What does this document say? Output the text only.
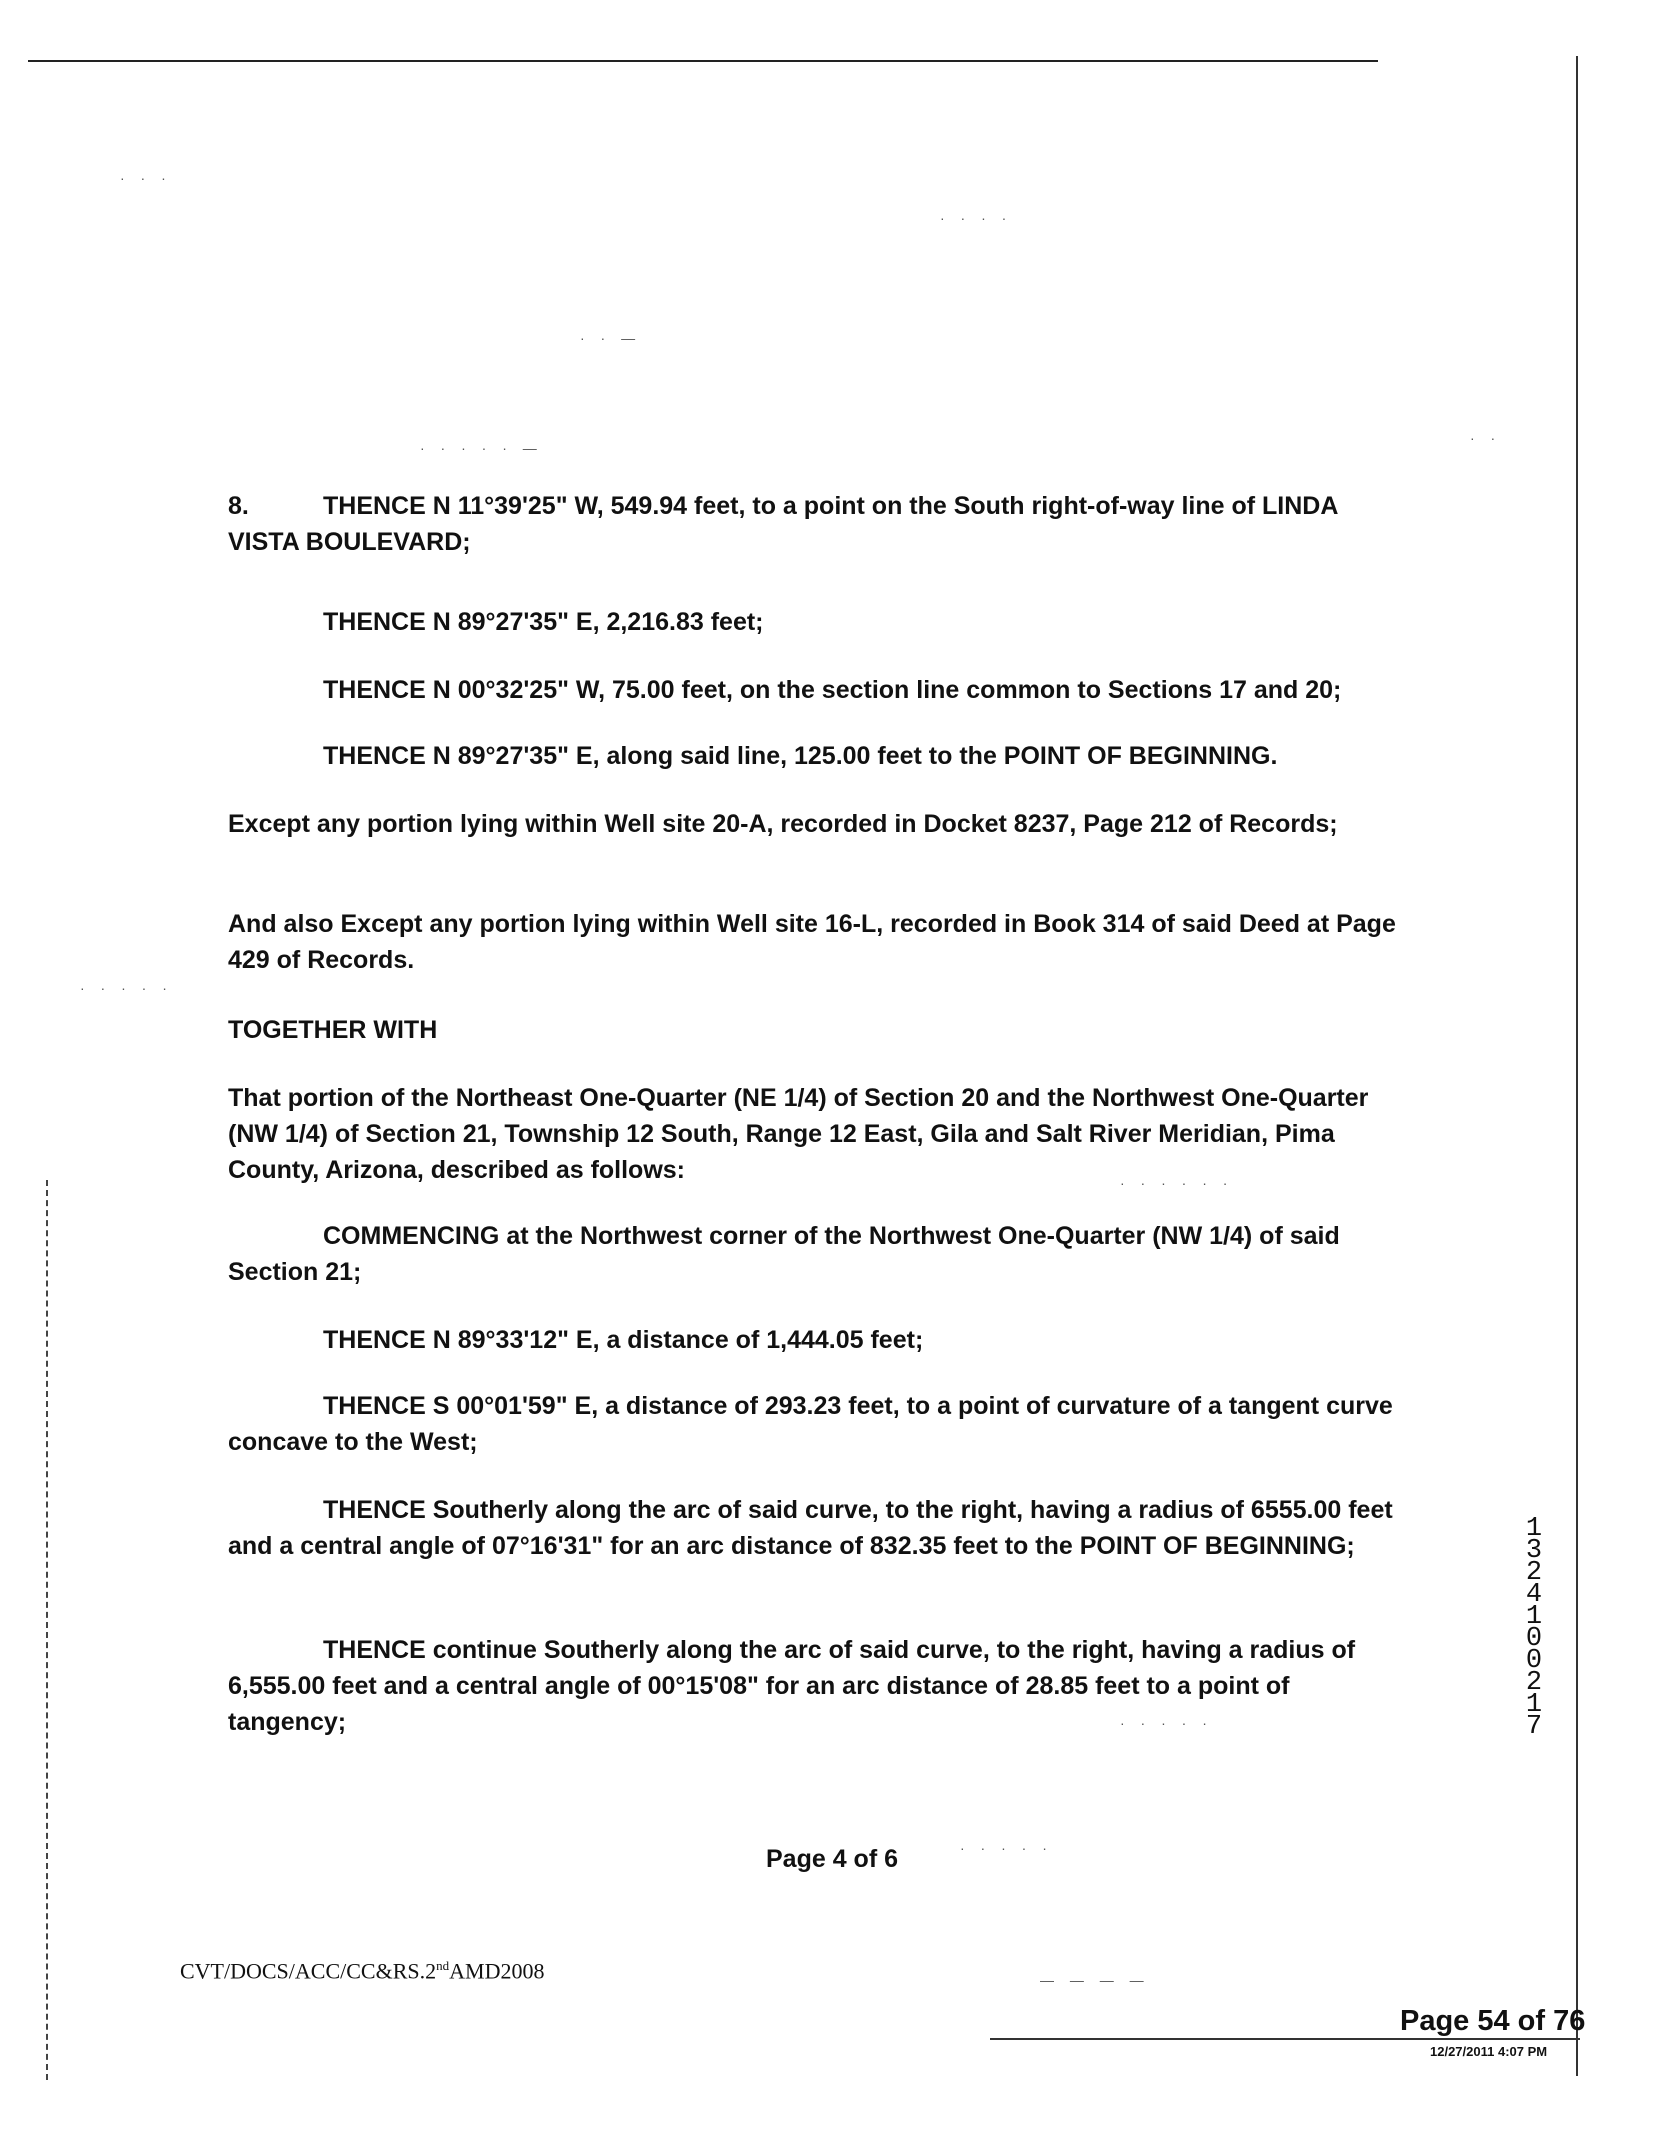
· · ·
· · · ·
· · —
· · · · · —
· ·
· · · · ·
· · · · · ·
· · · · ·
— — — —
· · · · ·

8.	THENCE N 11°39'25" W, 549.94 feet, to a point on the South right-of-way line of LINDA VISTA BOULEVARD;

THENCE N 89°27'35" E, 2,216.83 feet;
THENCE N 00°32'25" W, 75.00 feet, on the section line common to Sections 17 and 20;
THENCE N 89°27'35" E, along said line, 125.00 feet to the POINT OF BEGINNING.

Except any portion lying within Well site 20-A, recorded in Docket 8237, Page 212 of Records;

And also Except any portion lying within Well site 16-L, recorded in Book 314 of said Deed at Page 429 of Records.

TOGETHER WITH

That portion of the Northeast One-Quarter (NE 1/4) of Section 20 and the Northwest One-Quarter (NW 1/4) of Section 21, Township 12 South, Range 12 East, Gila and Salt River Meridian, Pima County, Arizona, described as follows:

COMMENCING at the Northwest corner of the Northwest One-Quarter (NW 1/4) of said Section 21;

THENCE N 89°33'12" E, a distance of 1,444.05 feet;

THENCE S 00°01'59" E, a distance of 293.23 feet, to a point of curvature of a tangent curve concave to the West;

THENCE Southerly along the arc of said curve, to the right, having a radius of 6555.00 feet and a central angle of 07°16'31" for an arc distance of 832.35 feet to the POINT OF BEGINNING;

THENCE continue Southerly along the arc of said curve, to the right, having a radius of 6,555.00 feet and a central angle of 00°15'08" for an arc distance of 28.85 feet to a point of tangency;

Page 4 of 6
CVT/DOCS/ACC/CC&RS.2ndAMD2008
Page 54 of 76
12/27/2011 4:07 PM
13241 00217
